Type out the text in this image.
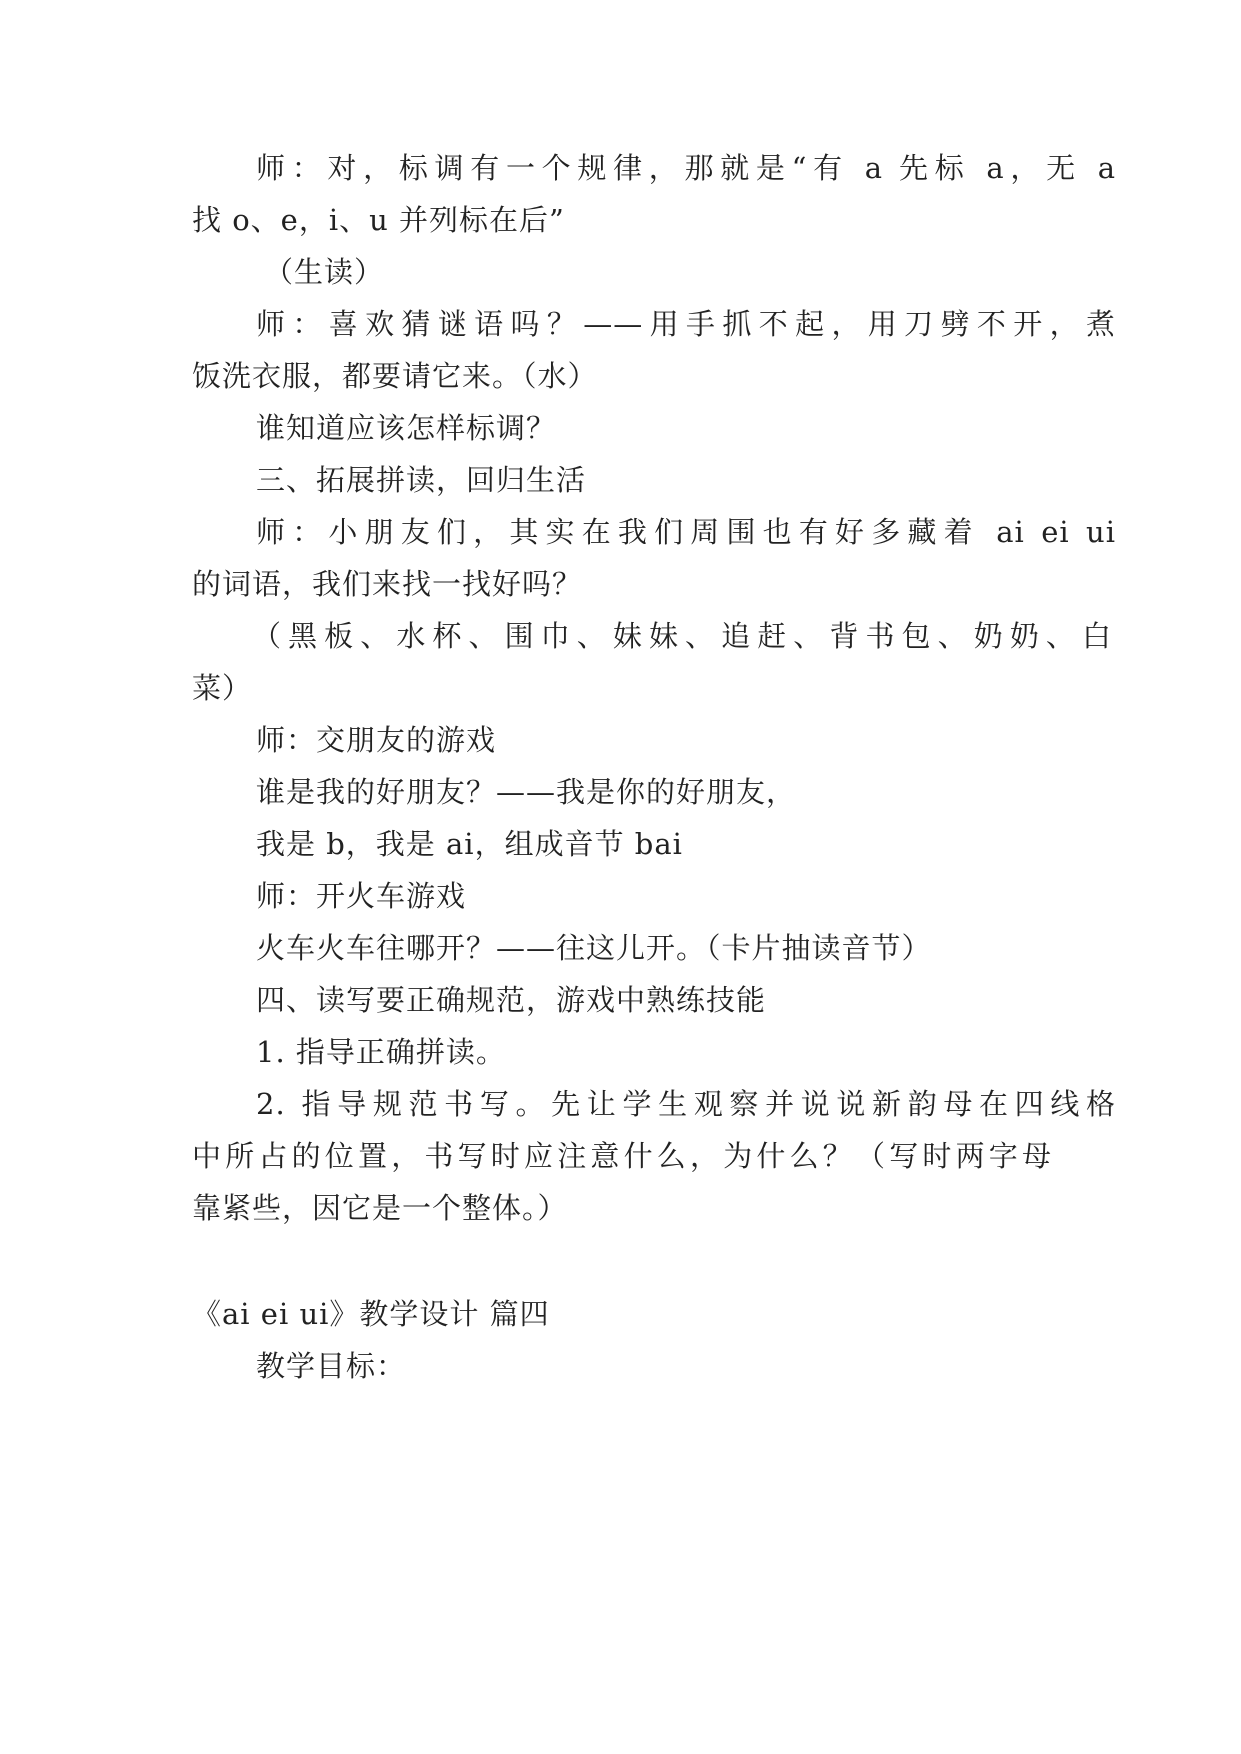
师：对，标调有一个规律，那就是“有 a 先标 a，无 a
找 o、e，i、u 并列标在后”
（生读）
师：喜欢猜谜语吗？——用手抓不起，用刀劈不开，煮
饭洗衣服，都要请它来。（水）
谁知道应该怎样标调？
三、拓展拼读，回归生活
师：小朋友们，其实在我们周围也有好多藏着 ai ei ui
的词语，我们来找一找好吗？
（黑板、水杯、围巾、妹妹、追赶、背书包、奶奶、白
菜）
师：交朋友的游戏
谁是我的好朋友？——我是你的好朋友，
我是 b，我是 ai，组成音节 bai
师：开火车游戏
火车火车往哪开？——往这儿开。（卡片抽读音节）
四、读写要正确规范，游戏中熟练技能
1. 指导正确拼读。
2. 指导规范书写。先让学生观察并说说新韵母在四线格
中所占的位置，书写时应注意什么，为什么？（写时两字母
靠紧些，因它是一个整体。）
《ai ei ui》教学设计 篇四
教学目标：
